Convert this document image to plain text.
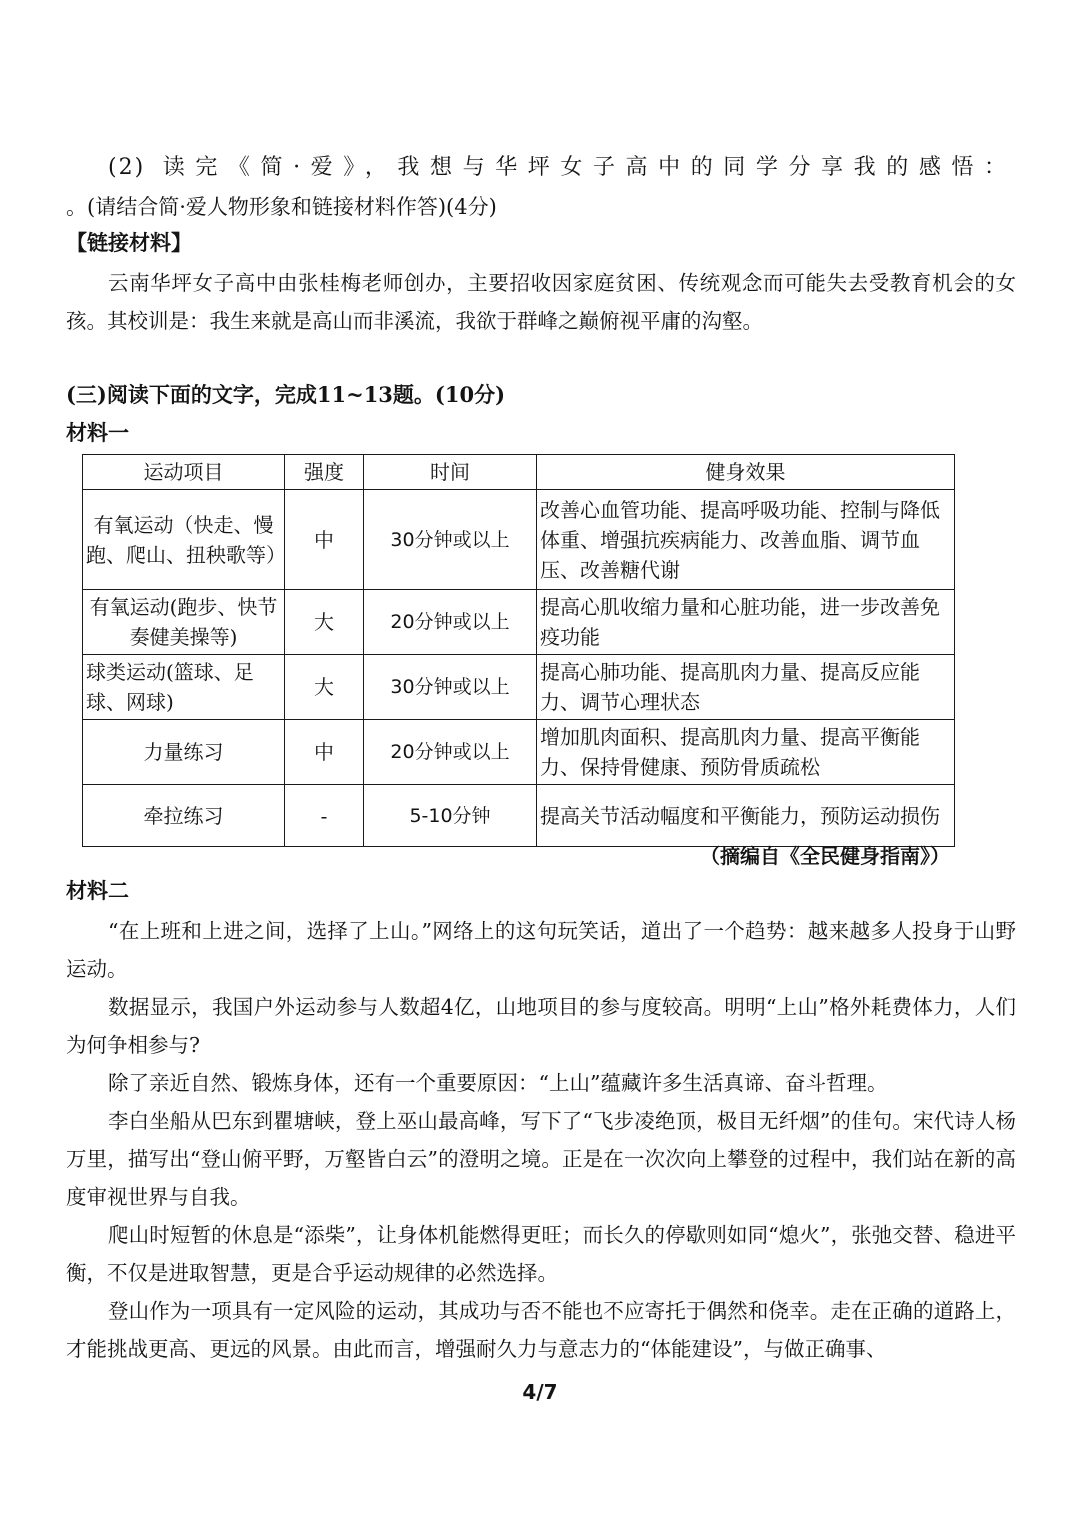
(2) 读完《简·爱》，我想与华坪女子高中的同学分享我的感悟：
。(请结合简·爱人物形象和链接材料作答)(4分)
【链接材料】
云南华坪女子高中由张桂梅老师创办，主要招收因家庭贫困、传统观念而可能失去受教育机会的女孩。其校训是：我生来就是高山而非溪流，我欲于群峰之巅俯视平庸的沟壑。
(三)阅读下面的文字，完成11~13题。(10分)
材料一
运动项目	强度	时间	健身效果
有氧运动（快走、慢跑、爬山、扭秧歌等）	中	30分钟或以上	改善心血管功能、提高呼吸功能、控制与降低体重、增强抗疾病能力、改善血脂、调节血压、改善糖代谢
有氧运动(跑步、快节奏健美操等)	大	20分钟或以上	提高心肌收缩力量和心脏功能，进一步改善免疫功能
球类运动(篮球、足球、网球)	大	30分钟或以上	提高心肺功能、提高肌肉力量、提高反应能力、调节心理状态
力量练习	中	20分钟或以上	增加肌肉面积、提高肌肉力量、提高平衡能力、保持骨健康、预防骨质疏松
牵拉练习	-	5-10分钟	提高关节活动幅度和平衡能力，预防运动损伤
（摘编自《全民健身指南》）
材料二
“在上班和上进之间，选择了上山。”网络上的这句玩笑话，道出了一个趋势：越来越多人投身于山野运动。
数据显示，我国户外运动参与人数超4亿，山地项目的参与度较高。明明“上山”格外耗费体力，人们为何争相参与?
除了亲近自然、锻炼身体，还有一个重要原因：“上山”蕴藏许多生活真谛、奋斗哲理。
李白坐船从巴东到瞿塘峡，登上巫山最高峰，写下了“飞步凌绝顶，极目无纤烟”的佳句。宋代诗人杨万里，描写出“登山俯平野，万壑皆白云”的澄明之境。正是在一次次向上攀登的过程中，我们站在新的高度审视世界与自我。
爬山时短暂的休息是“添柴”，让身体机能燃得更旺；而长久的停歇则如同“熄火”，张弛交替、稳进平衡，不仅是进取智慧，更是合乎运动规律的必然选择。
登山作为一项具有一定风险的运动，其成功与否不能也不应寄托于偶然和侥幸。走在正确的道路上，才能挑战更高、更远的风景。由此而言，增强耐久力与意志力的“体能建设”，与做正确事、
4/7
